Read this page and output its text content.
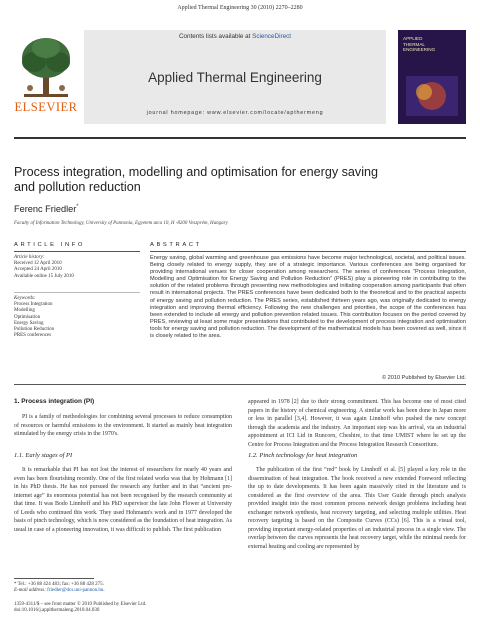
Applied Thermal Engineering 30 (2010) 2270–2280
ELSEVIER
Contents lists available at ScienceDirect
Applied Thermal Engineering
journal homepage: www.elsevier.com/locate/apthermeng
APPLIED
THERMAL
ENGINEERING
Process integration, modelling and optimisation for energy saving
and pollution reduction
Ferenc Friedler*
Faculty of Information Technology, University of Pannonia, Egyetem utca 10, H -8200 Veszprém, Hungary
ARTICLE INFO	ABSTRACT
Article history:
Received 12 April 2010
Accepted 24 April 2010
Available online 15 July 2010
Keywords:
Process Integration
Modelling
Optimisation
Energy Saving
Pollution Reduction
PRES conferences
Energy saving, global warming and greenhouse gas emissions have become major technological, societal, and political issues. Being closely related to energy supply, they are of a strategic importance. Various conferences are being organised for providing international venues for closer cooperation among researchers. The series of conferences “Process Integration, Modelling and Optimisation for Energy Saving and Pollution Reduction” (PRES) play a pioneering role in contributing to the solution of the related problems through presenting new methodologies and initiating cooperation among participants that often result in international projects. The PRES conferences have been dedicated both to the theoretical and to the practical aspects of energy saving and pollution reduction. The PRES series, established thirteen years ago, was originally dedicated to energy integration and improving thermal efficiency. Following the new challenges and priorities, the scope of the conferences has been extended to include all energy and pollution prevention related issues. This contribution focuses on the period covered by PRES, reviewing at least some major presentations that contributed to the development of process integration and optimisation tools for energy saving and pollution reduction. The development of the mathematical models has been covered as well, since it is closely related to the area.
© 2010 Published by Elsevier Ltd.
1. Process integration (PI)

PI is a family of methodologies for combining several processes to reduce consumption of resources or harmful emissions to the environment. It started as mainly heat integration stimulated by the energy crisis in the 1970's.

1.1. Early stages of PI

It is remarkable that PI has not lost the interest of researchers for nearly 40 years and even has been flourishing recently. One of the first related works was that by Hohmann [1] in his PhD thesis. He has not pursued the research any further and in that “ancient pre-internet age” its enormous potential has not been recognised by the research community at that time. It was Bodo Linnhoff and his PhD supervisor the late John Flower at University of Leeds who continued this work. They used Hohmann's work and in 1977 developed the basis of pinch technology, which is now considered as the foundation of heat integration. As usual in case of a pioneering innovation, it was difficult to publish. The first publication

appeared in 1978 [2] due to their strong commitment. This has become one of most cited papers in the history of chemical engineering. A similar work has been done in Japan more or less in parallel [3,4]. However, it was again Linnhoff who pushed the new concept through the academia and the industry. An important step was his arrival, via an industrial appointment at ICI Ltd in Runcorn, Cheshire, to that time UMIST where he set up the Centre for Process Integration and the Process Integration Research Consortium.

1.2. Pinch technology for heat integration

The publication of the first “red” book by Linnhoff et al. [5] played a key role in the dissemination of heat integration. The book received a new extended Foreword reflecting the up to date developments. It has been again massively cited in the literature and is considered as the first overview of the area. This User Guide through pinch analysis provided insight into the most common process network design problems including heat exchanger network synthesis, heat recovery targeting, and selecting multiple utilities. Heat recovery targeting is based on the Composite Curves (CCs) [6]. This is a visual tool, providing important energy-related properties of an industrial process in a single view. The overlap between the curves represents the heat recovery target, while the minimal needs for external heating and cooling are represented by

* Tel.: +36 88 424 483; fax: +36 88 428 275.
E-mail address: friedler@dcs.uni-pannon.hu.
1359-4311/$ – see front matter © 2010 Published by Elsevier Ltd.
doi:10.1016/j.applthermaleng.2010.04.030
